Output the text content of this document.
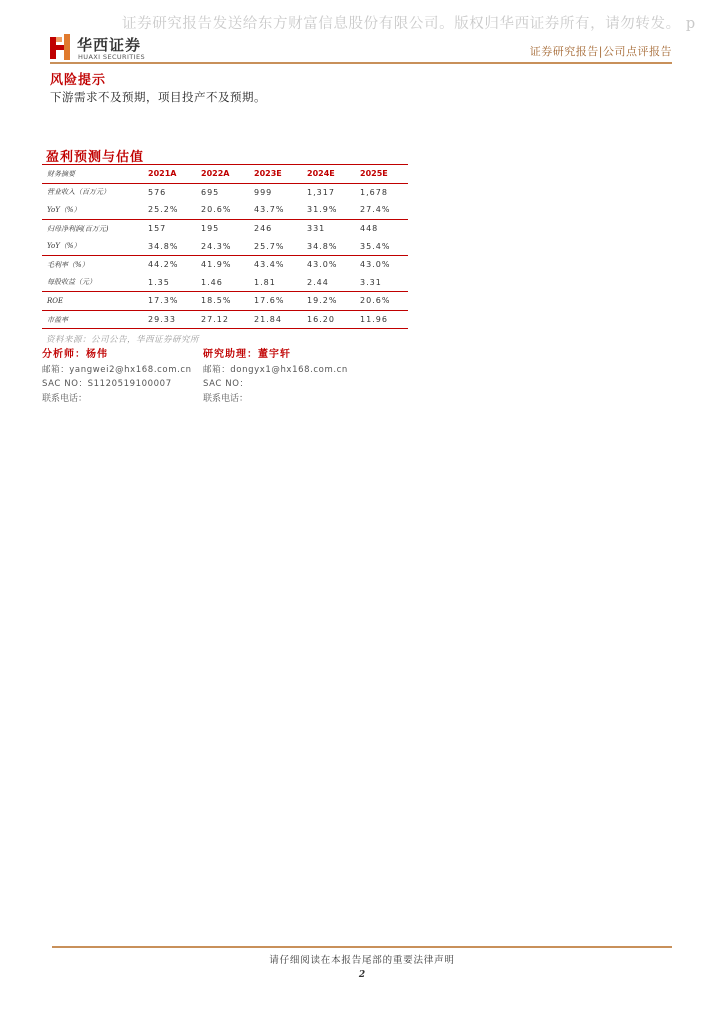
证券研究报告发送给东方财富信息股份有限公司。版权归华西证券所有，请勿转发。 p
华西证券
HUAXI SECURITIES	证券研究报告|公司点评报告
风险提示
下游需求不及预期，项目投产不及预期。
盈利预测与估值
财务摘要	2021A	2022A	2023E	2024E	2025E
营业收入（百万元）	576	695	999	1,317	1,678
YoY（%）	25.2%	20.6%	43.7%	31.9%	27.4%
归母净利润(百万元)	157	195	246	331	448
YoY（%）	34.8%	24.3%	25.7%	34.8%	35.4%
毛利率（%）	44.2%	41.9%	43.4%	43.0%	43.0%
每股收益（元）	1.35	1.46	1.81	2.44	3.31
ROE	17.3%	18.5%	17.6%	19.2%	20.6%
市盈率	29.33	27.12	21.84	16.20	11.96
资料来源：公司公告，华西证券研究所
分析师：杨伟
邮箱：yangwei2@hx168.com.cn
SAC NO：S1120519100007
联系电话：
研究助理：董宇轩
邮箱：dongyx1@hx168.com.cn
SAC NO：
联系电话：
请仔细阅读在本报告尾部的重要法律声明
2
